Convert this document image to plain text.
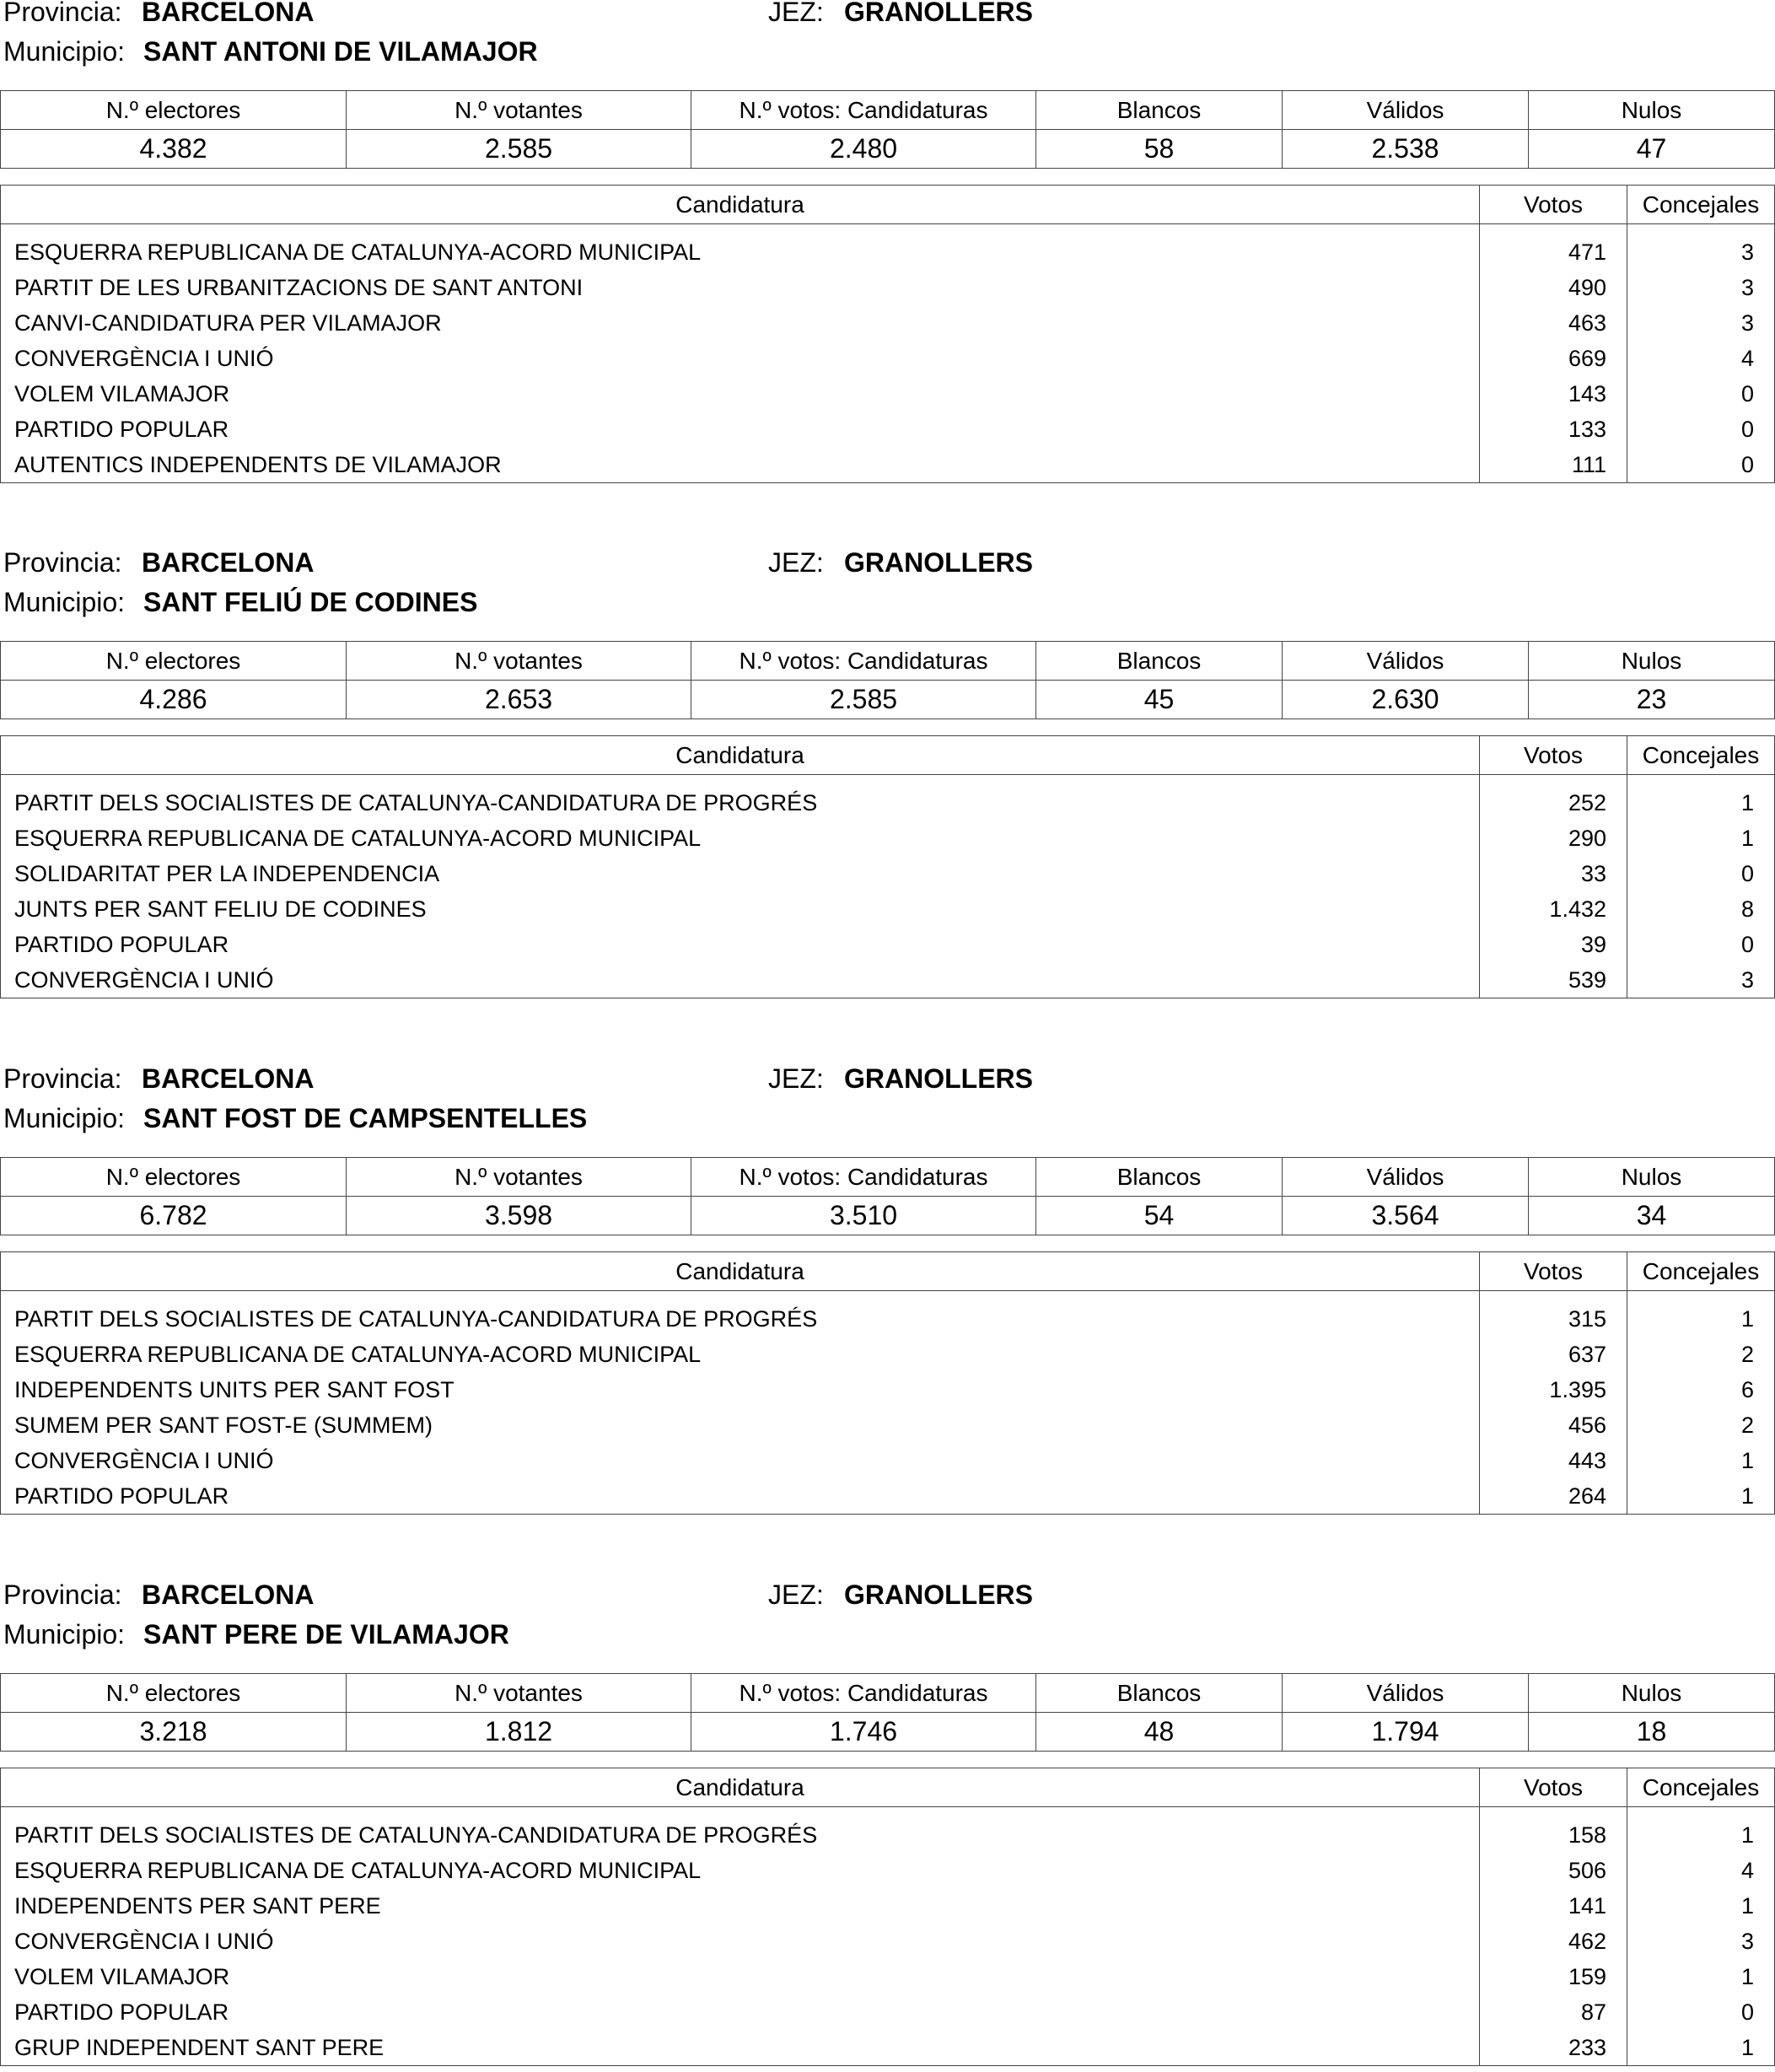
Provincia: BARCELONA	JEZ: GRANOLLERS
Municipio: SANT ANTONI DE VILAMAJOR
N.º electores	N.º votantes	N.º votos: Candidaturas	Blancos	Válidos	Nulos
4.382	2.585	2.480	58	2.538	47
Candidatura	Votos	Concejales
ESQUERRA REPUBLICANA DE CATALUNYA-ACORD MUNICIPAL	471	3
PARTIT DE LES URBANITZACIONS DE SANT ANTONI	490	3
CANVI-CANDIDATURA PER VILAMAJOR	463	3
CONVERGÈNCIA I UNIÓ	669	4
VOLEM VILAMAJOR	143	0
PARTIDO POPULAR	133	0
AUTENTICS INDEPENDENTS DE VILAMAJOR	111	0
Provincia: BARCELONA	JEZ: GRANOLLERS
Municipio: SANT FELIÚ DE CODINES
N.º electores	N.º votantes	N.º votos: Candidaturas	Blancos	Válidos	Nulos
4.286	2.653	2.585	45	2.630	23
Candidatura	Votos	Concejales
PARTIT DELS SOCIALISTES DE CATALUNYA-CANDIDATURA DE PROGRÉS	252	1
ESQUERRA REPUBLICANA DE CATALUNYA-ACORD MUNICIPAL	290	1
SOLIDARITAT PER LA INDEPENDENCIA	33	0
JUNTS PER SANT FELIU DE CODINES	1.432	8
PARTIDO POPULAR	39	0
CONVERGÈNCIA I UNIÓ	539	3
Provincia: BARCELONA	JEZ: GRANOLLERS
Municipio: SANT FOST DE CAMPSENTELLES
N.º electores	N.º votantes	N.º votos: Candidaturas	Blancos	Válidos	Nulos
6.782	3.598	3.510	54	3.564	34
Candidatura	Votos	Concejales
PARTIT DELS SOCIALISTES DE CATALUNYA-CANDIDATURA DE PROGRÉS	315	1
ESQUERRA REPUBLICANA DE CATALUNYA-ACORD MUNICIPAL	637	2
INDEPENDENTS UNITS PER SANT FOST	1.395	6
SUMEM PER SANT FOST-E (SUMMEM)	456	2
CONVERGÈNCIA I UNIÓ	443	1
PARTIDO POPULAR	264	1
Provincia: BARCELONA	JEZ: GRANOLLERS
Municipio: SANT PERE DE VILAMAJOR
N.º electores	N.º votantes	N.º votos: Candidaturas	Blancos	Válidos	Nulos
3.218	1.812	1.746	48	1.794	18
Candidatura	Votos	Concejales
PARTIT DELS SOCIALISTES DE CATALUNYA-CANDIDATURA DE PROGRÉS	158	1
ESQUERRA REPUBLICANA DE CATALUNYA-ACORD MUNICIPAL	506	4
INDEPENDENTS PER SANT PERE	141	1
CONVERGÈNCIA I UNIÓ	462	3
VOLEM VILAMAJOR	159	1
PARTIDO POPULAR	87	0
GRUP INDEPENDENT SANT PERE	233	1
